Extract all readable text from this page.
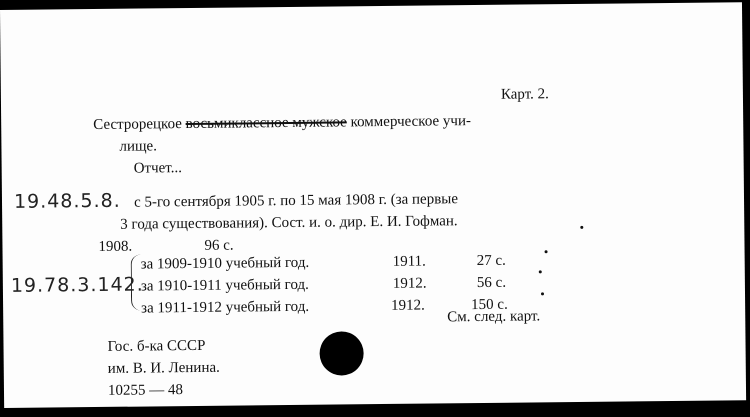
Карт. 2.
Сестрорецкое восьмиклассное мужское коммерческое учи-
лище.
Отчет...
19.48.5.8. с 5-го сентября 1905 г. по 15 мая 1908 г. (за первые
3 года существования). Сост. и. о. дир. Е. И. Гофман.
1908.	96 с.
19.78.3.142.
за 1909-1910 учебный год.	1911.	27 с.
за 1910-1911 учебный год.	1912.	56 с.
за 1911-1912 учебный год.	1912.	150 с.
См. след. карт.
Гос. б-ка СССР
им. В. И. Ленина.
10255 — 48
